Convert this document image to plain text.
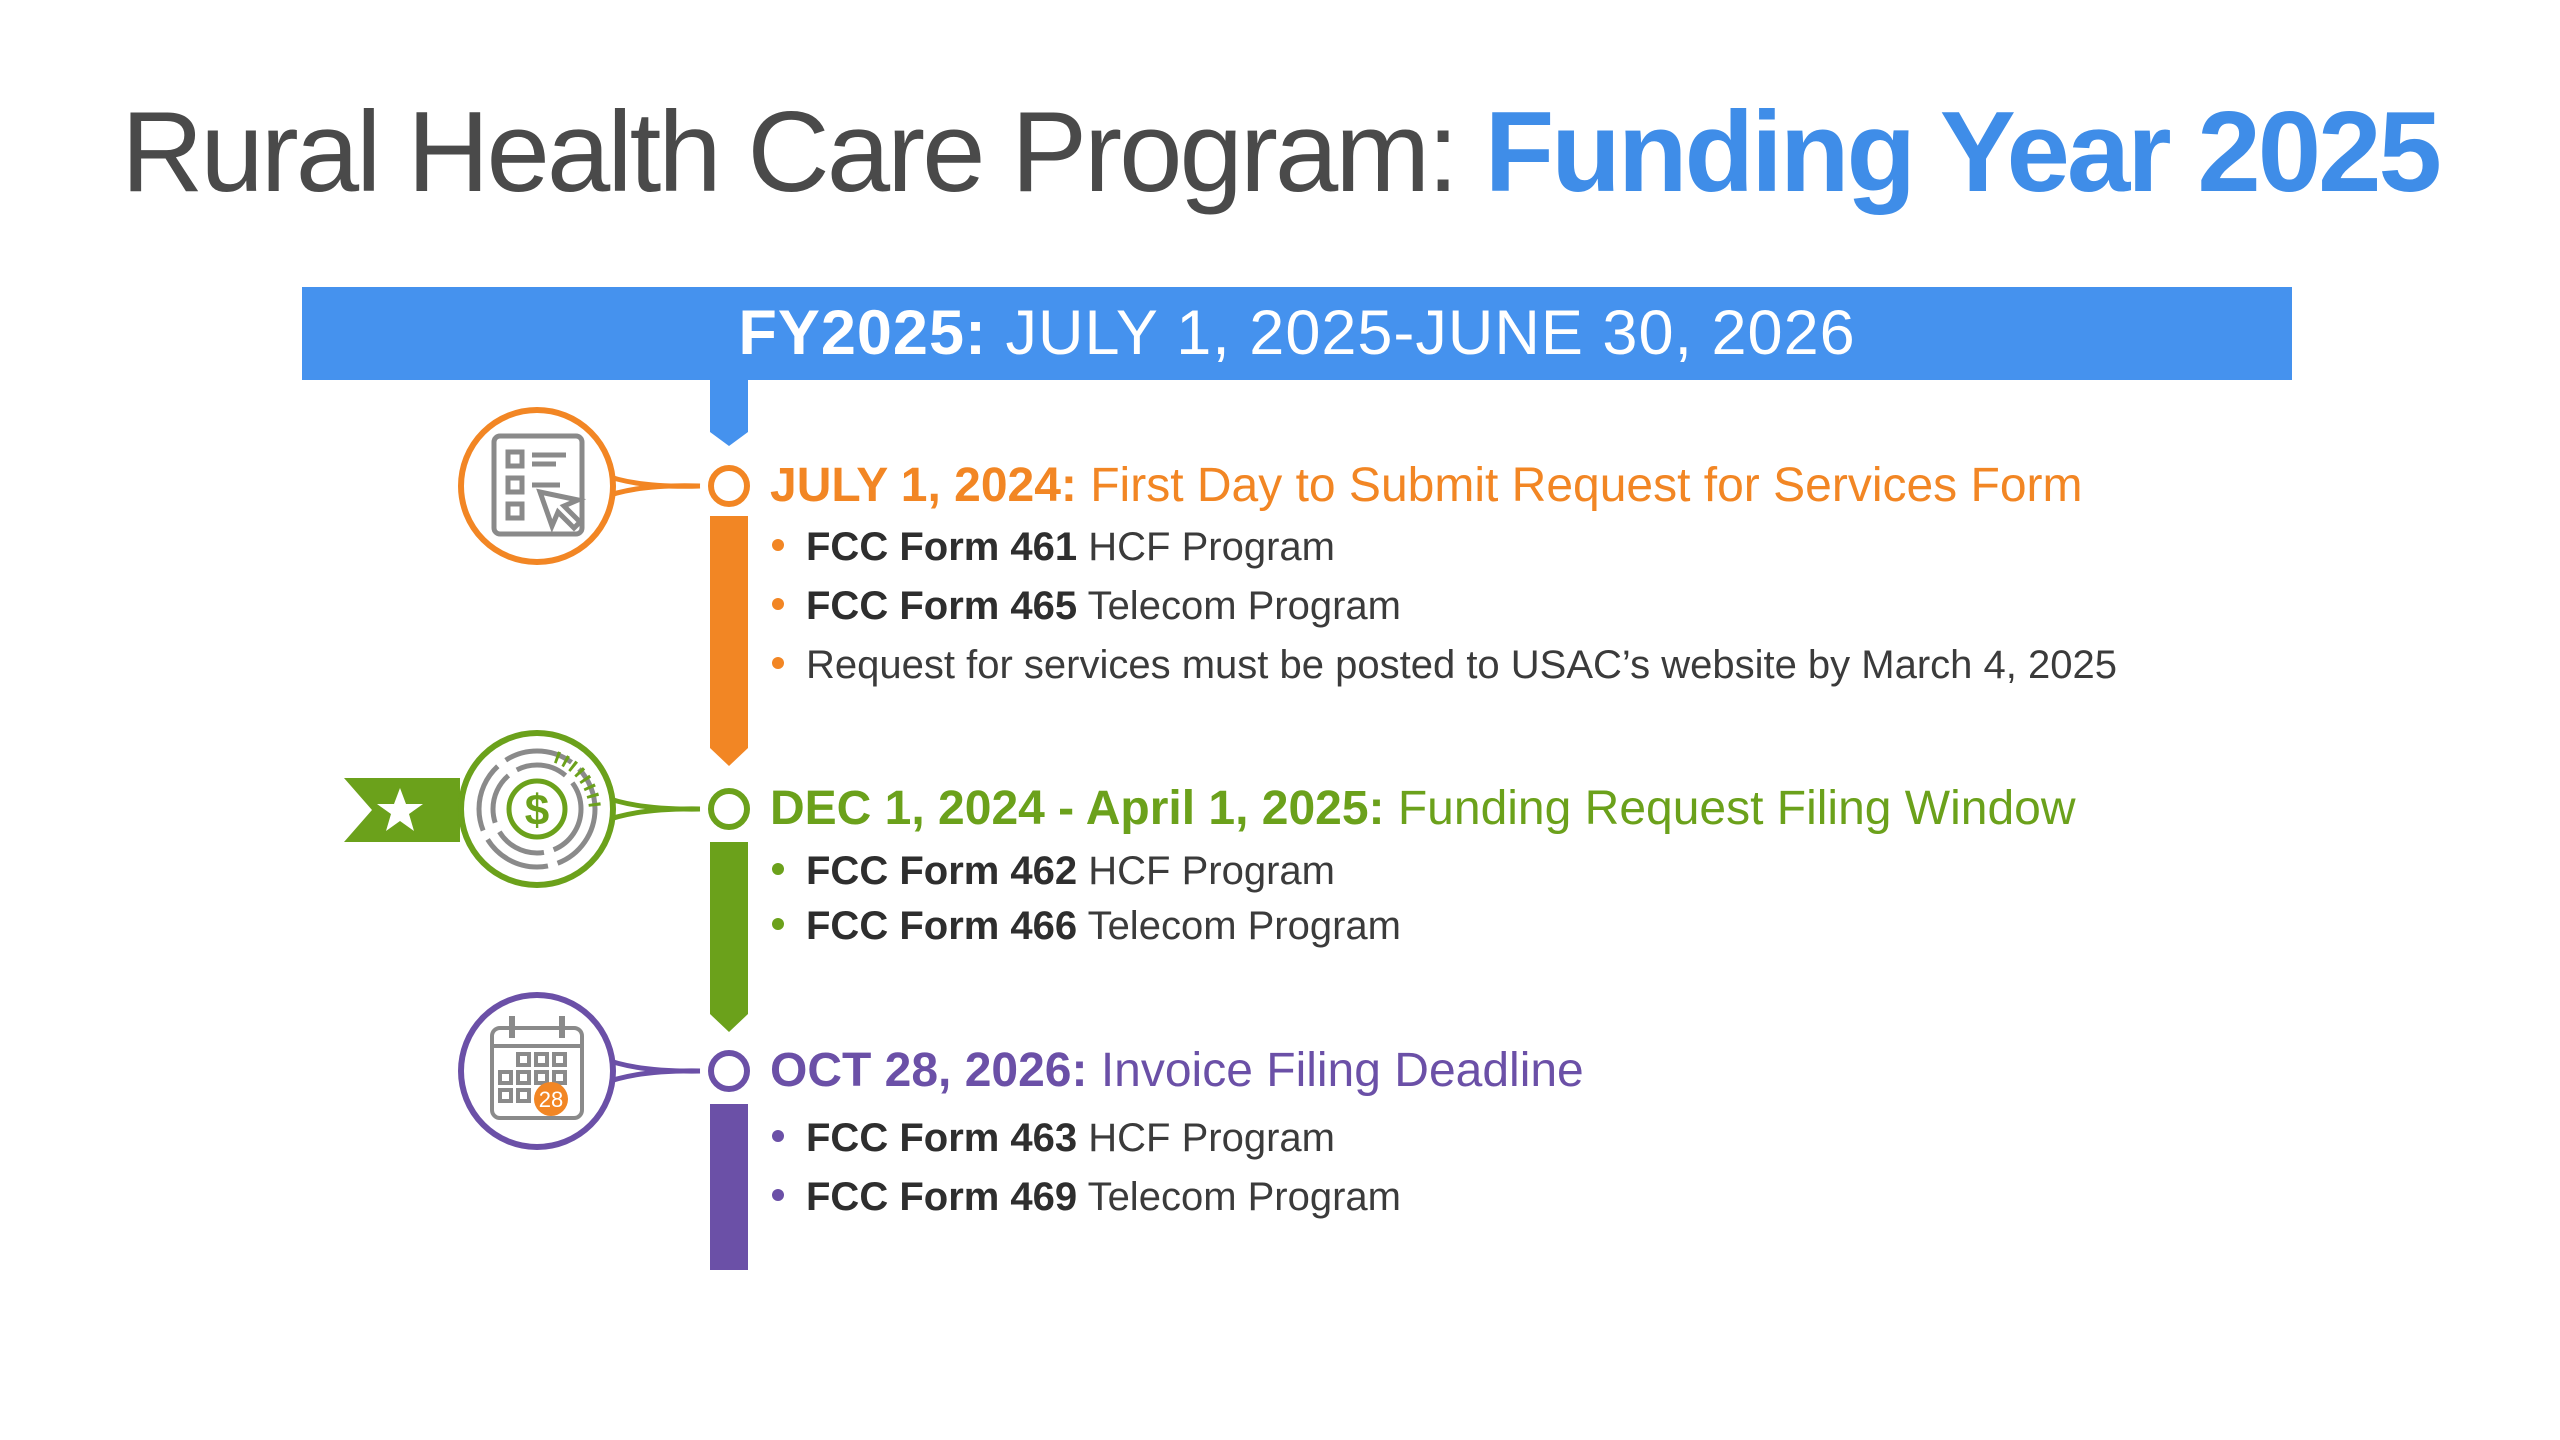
Rural Health Care Program: Funding Year 2025
FY2025: JULY 1, 2025-JUNE 30, 2026
$
28
JULY 1, 2024: First Day to Submit Request for Services Form
FCC Form 461 HCF Program
FCC Form 465 Telecom Program
Request for services must be posted to USAC’s website by March 4, 2025
DEC 1, 2024 - April 1, 2025: Funding Request Filing Window
FCC Form 462 HCF Program
FCC Form 466 Telecom Program
OCT 28, 2026: Invoice Filing Deadline
FCC Form 463 HCF Program
FCC Form 469 Telecom Program
